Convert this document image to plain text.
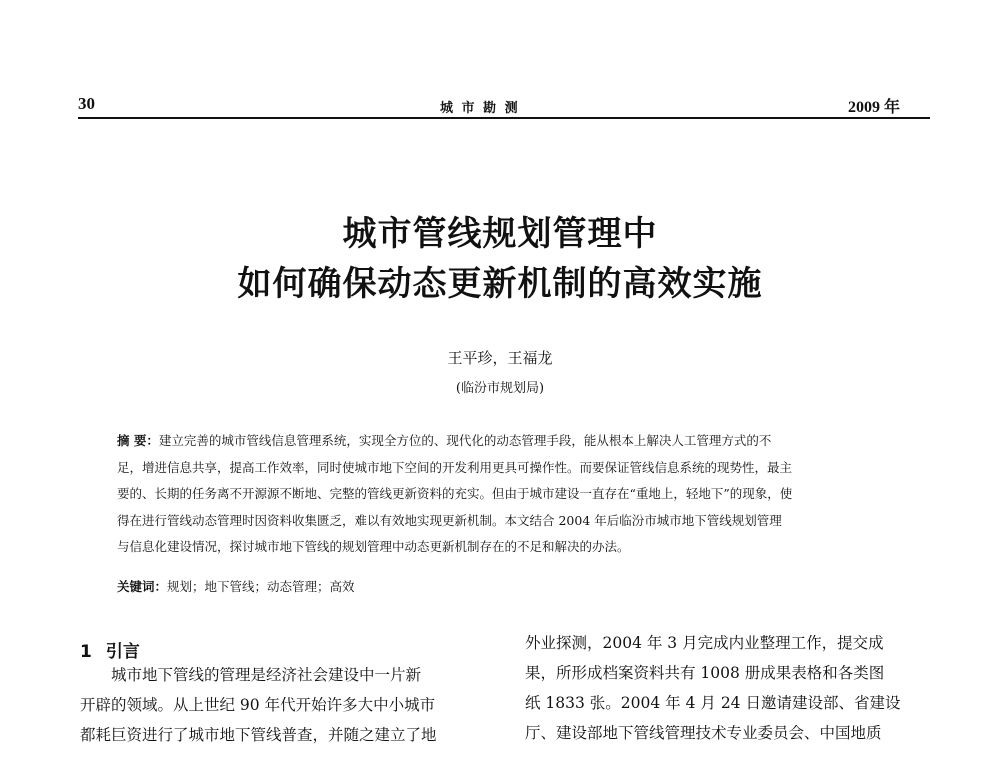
30	城 市 勘 测	2009 年
城市管线规划管理中
如何确保动态更新机制的高效实施
王平珍，王福龙
(临汾市规划局)
摘 要：建立完善的城市管线信息管理系统，实现全方位的、现代化的动态管理手段，能从根本上解决人工管理方式的不
足，增进信息共享，提高工作效率，同时使城市地下空间的开发利用更具可操作性。而要保证管线信息系统的现势性，最主
要的、长期的任务离不开源源不断地、完整的管线更新资料的充实。但由于城市建设一直存在“重地上，轻地下”的现象，使
得在进行管线动态管理时因资料收集匮乏，难以有效地实现更新机制。本文结合 2004 年后临汾市城市地下管线规划管理
与信息化建设情况，探讨城市地下管线的规划管理中动态更新机制存在的不足和解决的办法。
关键词：规划；地下管线；动态管理；高效
1 引言
　　城市地下管线的管理是经济社会建设中一片新
开辟的领域。从上世纪 90 年代开始许多大中小城市
都耗巨资进行了城市地下管线普查，并随之建立了地
外业探测，2004 年 3 月完成内业整理工作，提交成
果，所形成档案资料共有 1008 册成果表格和各类图
纸 1833 张。2004 年 4 月 24 日邀请建设部、省建设
厅、建设部地下管线管理技术专业委员会、中国地质
